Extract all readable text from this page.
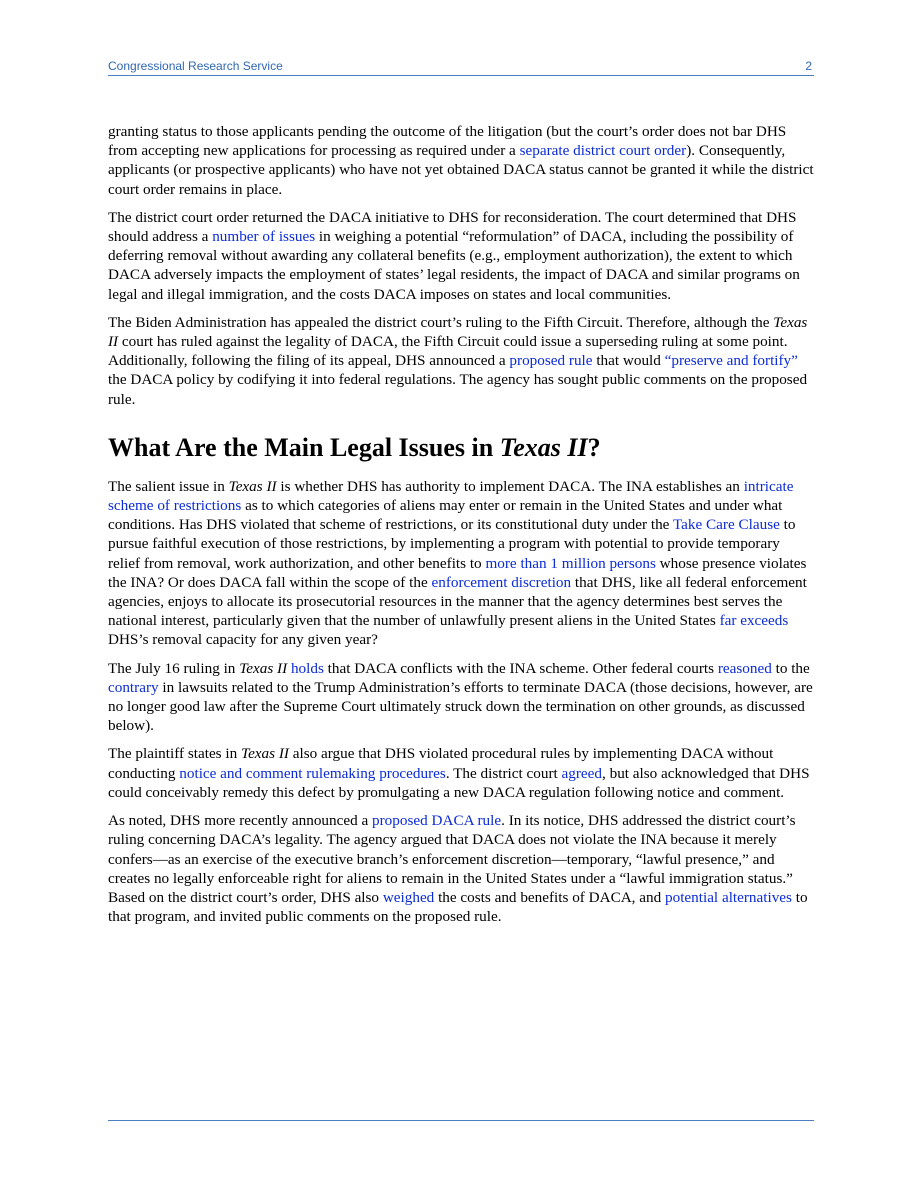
Congressional Research Service	2

granting status to those applicants pending the outcome of the litigation (but the court’s order does not bar DHS from accepting new applications for processing as required under a separate district court order). Consequently, applicants (or prospective applicants) who have not yet obtained DACA status cannot be granted it while the district court order remains in place.

The district court order returned the DACA initiative to DHS for reconsideration. The court determined that DHS should address a number of issues in weighing a potential “reformulation” of DACA, including the possibility of deferring removal without awarding any collateral benefits (e.g., employment authorization), the extent to which DACA adversely impacts the employment of states’ legal residents, the impact of DACA and similar programs on legal and illegal immigration, and the costs DACA imposes on states and local communities.

The Biden Administration has appealed the district court’s ruling to the Fifth Circuit. Therefore, although the Texas II court has ruled against the legality of DACA, the Fifth Circuit could issue a superseding ruling at some point. Additionally, following the filing of its appeal, DHS announced a proposed rule that would “preserve and fortify” the DACA policy by codifying it into federal regulations. The agency has sought public comments on the proposed rule.

What Are the Main Legal Issues in Texas II?

The salient issue in Texas II is whether DHS has authority to implement DACA. The INA establishes an intricate scheme of restrictions as to which categories of aliens may enter or remain in the United States and under what conditions. Has DHS violated that scheme of restrictions, or its constitutional duty under the Take Care Clause to pursue faithful execution of those restrictions, by implementing a program with potential to provide temporary relief from removal, work authorization, and other benefits to more than 1 million persons whose presence violates the INA? Or does DACA fall within the scope of the enforcement discretion that DHS, like all federal enforcement agencies, enjoys to allocate its prosecutorial resources in the manner that the agency determines best serves the national interest, particularly given that the number of unlawfully present aliens in the United States far exceeds DHS’s removal capacity for any given year?

The July 16 ruling in Texas II holds that DACA conflicts with the INA scheme. Other federal courts reasoned to the contrary in lawsuits related to the Trump Administration’s efforts to terminate DACA (those decisions, however, are no longer good law after the Supreme Court ultimately struck down the termination on other grounds, as discussed below).

The plaintiff states in Texas II also argue that DHS violated procedural rules by implementing DACA without conducting notice and comment rulemaking procedures. The district court agreed, but also acknowledged that DHS could conceivably remedy this defect by promulgating a new DACA regulation following notice and comment.

As noted, DHS more recently announced a proposed DACA rule. In its notice, DHS addressed the district court’s ruling concerning DACA’s legality. The agency argued that DACA does not violate the INA because it merely confers—as an exercise of the executive branch’s enforcement discretion—temporary, “lawful presence,” and creates no legally enforceable right for aliens to remain in the United States under a “lawful immigration status.” Based on the district court’s order, DHS also weighed the costs and benefits of DACA, and potential alternatives to that program, and invited public comments on the proposed rule.
